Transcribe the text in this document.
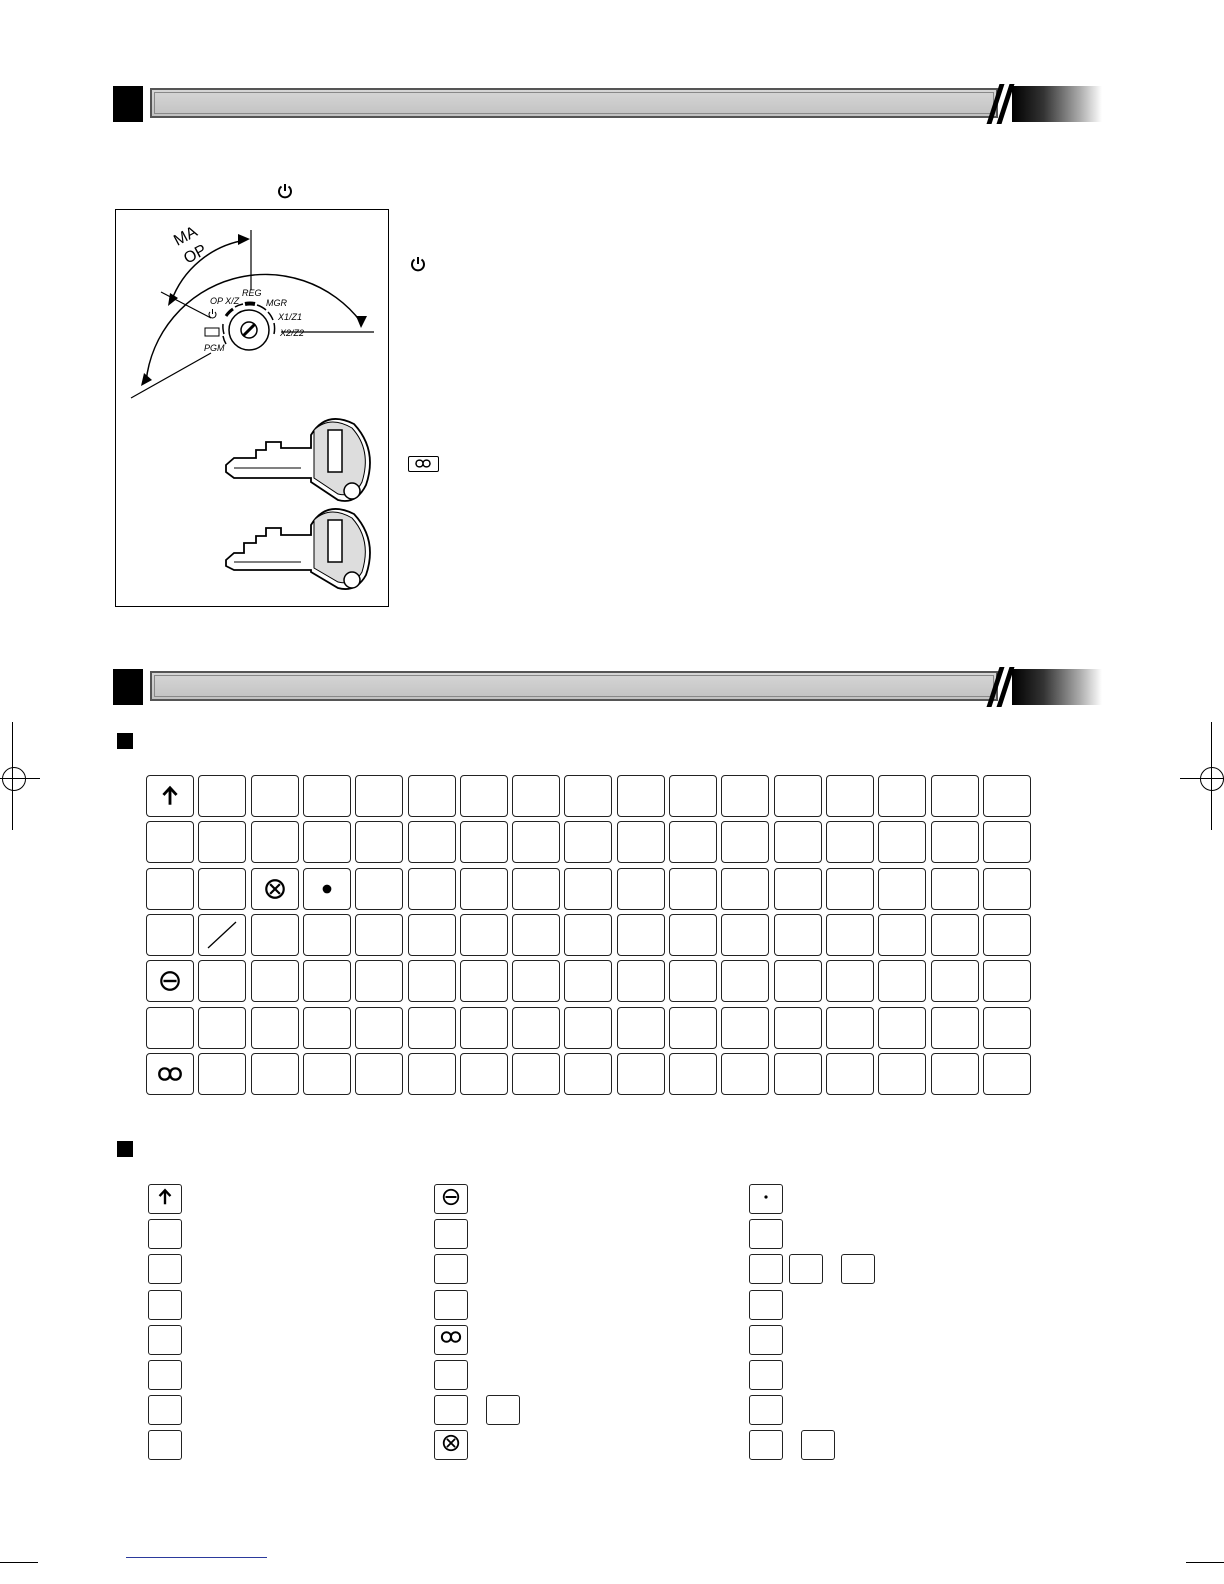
MA
OP
OP X/Z
REG
MGR
X1/Z1
X2/Z2
PGM
